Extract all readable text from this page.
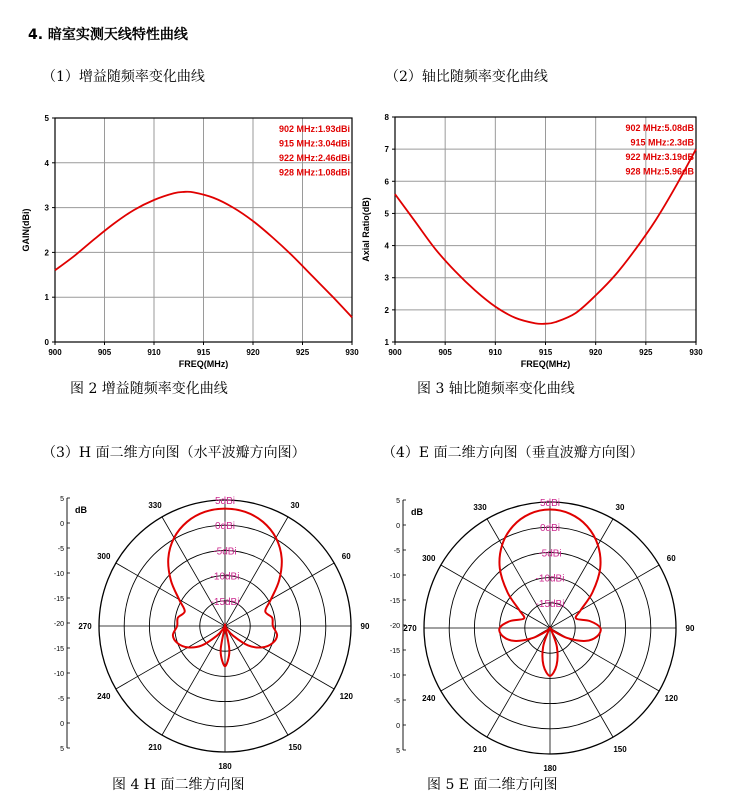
4. 暗室实测天线特性曲线
（1）增益随频率变化曲线	（2）轴比随频率变化曲线
900	905	910	915	920	925	930
0
1
2
3
4
5
902 MHz:1.93dBi
915 MHz:3.04dBi
922 MHz:2.46dBi
928 MHz:1.08dBi
FREQ(MHz)
GAIN(dBi)
900	905	910	915	920	925	930
1
2
3
4
5
6
7
8
902 MHz:5.08dB
915 MHz:2.3dB
922 MHz:3.19dB
928 MHz:5.96dB
FREQ(MHz)
Axial Ratio(dB)
图 2 增益随频率变化曲线	图 3 轴比随频率变化曲线
（3）H 面二维方向图（水平波瓣方向图）	（4）E 面二维方向图（垂直波瓣方向图）
330	30
60
90
120
150
180
210
240
270
300
5
0
-5
-10
-15
-20
-15
-10
-5
0
5
dB
5dBi
0dBi
-5dBi
-10dBi
-15dBi
330	30
60
90
120
150
180
210
240
270
300
5
0
-5
-10
-15
-20
-15
-10
-5
0
5
dB
5dBi
0dBi
-5dBi
-10dBi
-15dBi
图 4 H 面二维方向图	图 5 E 面二维方向图
